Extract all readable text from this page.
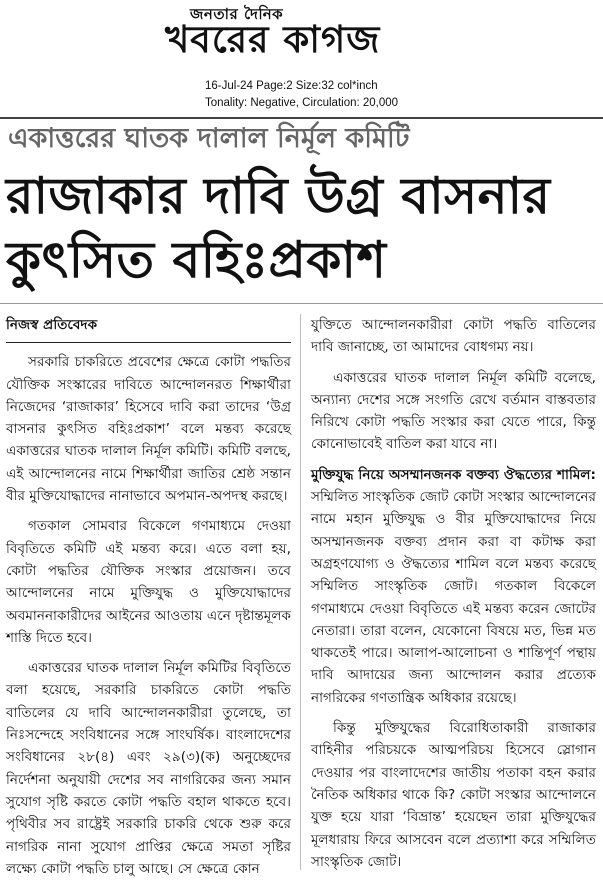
জনতার দৈনিক
খবরের কাগজ
16-Jul-24 Page:2 Size:32 col*inch
Tonality: Negative, Circulation: 20,000
একাত্তরের ঘাতক দালাল নির্মূল কমিটি
রাজাকার দাবি উগ্র বাসনার
কুৎসিত বহিঃপ্রকাশ
নিজস্ব প্রতিবেদক

সরকারি চাকরিতে প্রবেশের ক্ষেত্রে কোটা পদ্ধতির যৌক্তিক সংস্কারের দাবিতে আন্দোলনরত শিক্ষার্থীরা নিজেদের ‘রাজাকার’ হিসেবে দাবি করা তাদের ‘উগ্র বাসনার কুৎসিত বহিঃপ্রকাশ’ বলে মন্তব্য করেছে একাত্তরের ঘাতক দালাল নির্মূল কমিটি। কমিটি বলছে, এই আন্দোলনের নামে শিক্ষার্থীরা জাতির শ্রেষ্ঠ সন্তান বীর মুক্তিযোদ্ধাদের নানাভাবে অপমান-অপদস্থ করছে।

গতকাল সোমবার বিকেলে গণমাধ্যমে দেওয়া বিবৃতিতে কমিটি এই মন্তব্য করে। এতে বলা হয়, কোটা পদ্ধতির যৌক্তিক সংস্কার প্রয়োজন। তবে আন্দোলনের নামে মুক্তিযুদ্ধ ও মুক্তিযোদ্ধাদের অবমাননাকারীদের আইনের আওতায় এনে দৃষ্টান্তমূলক শাস্তি দিতে হবে।

একাত্তরের ঘাতক দালাল নির্মূল কমিটির বিবৃতিতে বলা হয়েছে, সরকারি চাকরিতে কোটা পদ্ধতি বাতিলের যে দাবি আন্দোলনকারীরা তুলেছে, তা নিঃসন্দেহে সংবিধানের সঙ্গে সাংঘর্ষিক। বাংলাদেশের সংবিধানের ২৮(৪) এবং ২৯(৩)(ক) অনুচ্ছেদের নির্দেশনা অনুযায়ী দেশের সব নাগরিকের জন্য সমান সুযোগ সৃষ্টি করতে কোটা পদ্ধতি বহাল থাকতে হবে। পৃথিবীর সব রাষ্ট্রেই সরকারি চাকরি থেকে শুরু করে নাগরিক নানা সুযোগ প্রাপ্তির ক্ষেত্রে সমতা সৃষ্টির লক্ষ্যে কোটা পদ্ধতি চালু আছে। সে ক্ষেত্রে কোন

যুক্তিতে আন্দোলনকারীরা কোটা পদ্ধতি বাতিলের দাবি জানাচ্ছে, তা আমাদের বোধগম্য নয়।

একাত্তরের ঘাতক দালাল নির্মূল কমিটি বলেছে, অন্যান্য দেশের সঙ্গে সংগতি রেখে বর্তমান বাস্তবতার নিরিখে কোটা পদ্ধতি সংস্কার করা যেতে পারে, কিন্তু কোনোভাবেই বাতিল করা যাবে না।

মুক্তিযুদ্ধ নিয়ে অসম্মানজনক বক্তব্য ঔদ্ধত্যের শামিল: সম্মিলিত সাংস্কৃতিক জোট কোটা সংস্কার আন্দোলনের নামে মহান মুক্তিযুদ্ধ ও বীর মুক্তিযোদ্ধাদের নিয়ে অসম্মানজনক বক্তব্য প্রদান করা বা কটাক্ষ করা অগ্রহণযোগ্য ও ঔদ্ধত্যের শামিল বলে মন্তব্য করেছে সম্মিলিত সাংস্কৃতিক জোট। গতকাল বিকেলে গণমাধ্যমে দেওয়া বিবৃতিতে এই মন্তব্য করেন জোটের নেতারা। তারা বলেন, যেকোনো বিষয়ে মত, ভিন্ন মত থাকতেই পারে। আলাপ-আলোচনা ও শান্তিপূর্ণ পন্থায় দাবি আদায়ের জন্য আন্দোলন করার প্রত্যেক নাগরিকের গণতান্ত্রিক অধিকার রয়েছে।

কিন্তু মুক্তিযুদ্ধের বিরোধিতাকারী রাজাকার বাহিনীর পরিচয়কে আত্মপরিচয় হিসেবে স্লোগান দেওয়ার পর বাংলাদেশের জাতীয় পতাকা বহন করার নৈতিক অধিকার থাকে কি? কোটা সংস্কার আন্দোলনে যুক্ত হয়ে যারা ‘বিভ্রান্ত’ হয়েছেন তারা মুক্তিযুদ্ধের মূলধারায় ফিরে আসবেন বলে প্রত্যাশা করে সম্মিলিত সাংস্কৃতিক জোট।
